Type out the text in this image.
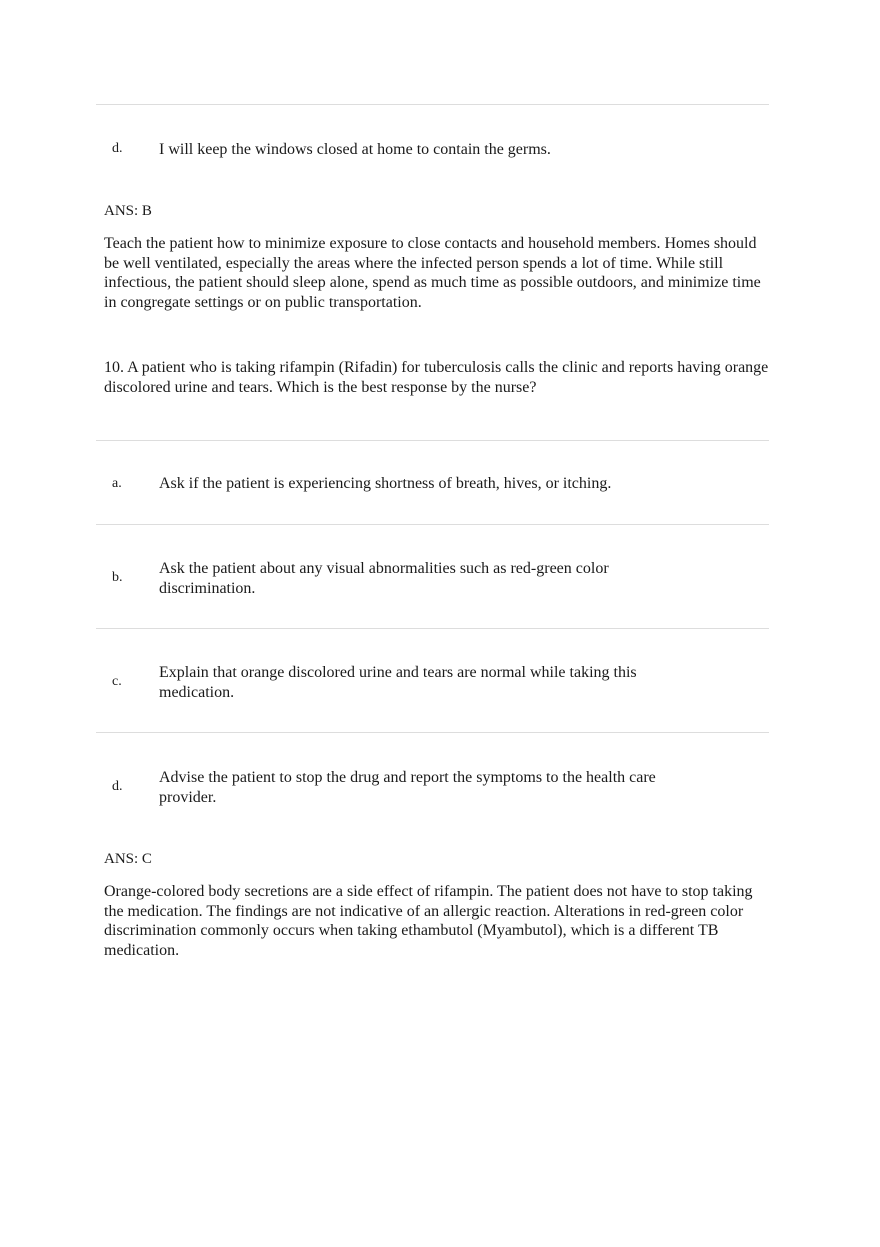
d. I will keep the windows closed at home to contain the germs.
ANS: B
Teach the patient how to minimize exposure to close contacts and household members. Homes should be well ventilated, especially the areas where the infected person spends a lot of time. While still infectious, the patient should sleep alone, spend as much time as possible outdoors, and minimize time in congregate settings or on public transportation.
10. A patient who is taking rifampin (Rifadin) for tuberculosis calls the clinic and reports having orange discolored urine and tears. Which is the best response by the nurse?
a. Ask if the patient is experiencing shortness of breath, hives, or itching.
b.
Ask the patient about any visual abnormalities such as red-green color discrimination.
c.
Explain that orange discolored urine and tears are normal while taking this medication.
d.
Advise the patient to stop the drug and report the symptoms to the health care provider.
ANS: C
Orange-colored body secretions are a side effect of rifampin. The patient does not have to stop taking the medication. The findings are not indicative of an allergic reaction. Alterations in red-green color discrimination commonly occurs when taking ethambutol (Myambutol), which is a different TB medication.
